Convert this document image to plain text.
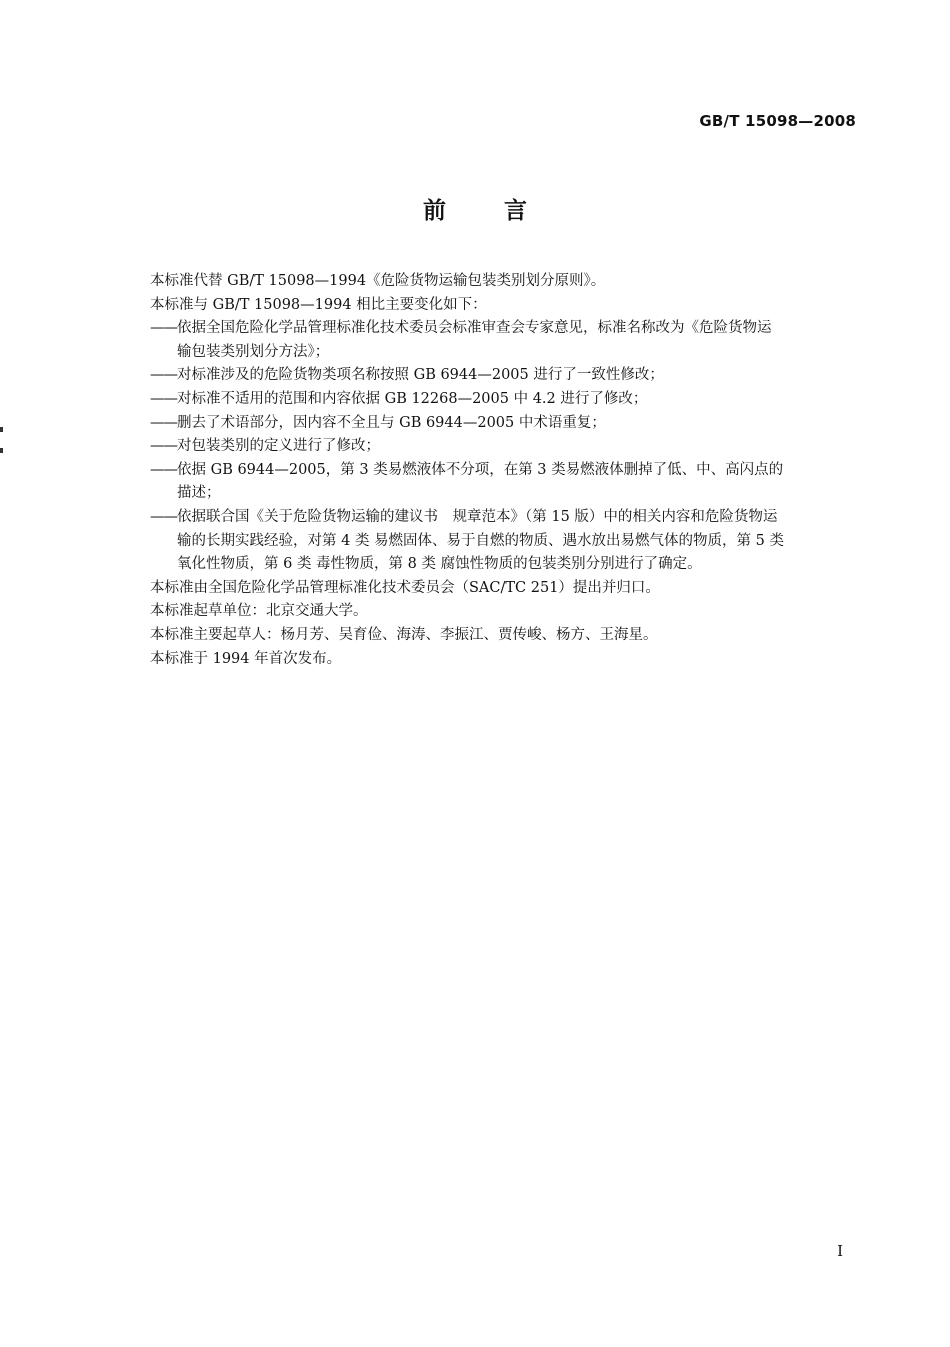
GB/T 15098—2008
前言

本标准代替 GB/T 15098—1994《危险货物运输包装类别划分原则》。

本标准与 GB/T 15098—1994 相比主要变化如下：

—— 依据全国危险化学品管理标准化技术委员会标准审查会专家意见，标准名称改为《危险货物运
输包装类别划分方法》；
—— 对标准涉及的危险货物类项名称按照 GB 6944—2005 进行了一致性修改；
—— 对标准不适用的范围和内容依据 GB 12268—2005 中 4.2 进行了修改；
—— 删去了术语部分，因内容不全且与 GB 6944—2005 中术语重复；
—— 对包装类别的定义进行了修改；
—— 依据 GB 6944—2005，第 3 类易燃液体不分项，在第 3 类易燃液体删掉了低、中、高闪点的
描述；
—— 依据联合国《关于危险货物运输的建议书　规章范本》（第 15 版）中的相关内容和危险货物运
输的长期实践经验，对第 4 类 易燃固体、易于自燃的物质、遇水放出易燃气体的物质，第 5 类
氧化性物质，第 6 类 毒性物质，第 8 类 腐蚀性物质的包装类别分别进行了确定。

本标准由全国危险化学品管理标准化技术委员会（SAC/TC 251）提出并归口。

本标准起草单位：北京交通大学。

本标准主要起草人：杨月芳、吴育俭、海涛、李振江、贾传峻、杨方、王海星。

本标准于 1994 年首次发布。

I
